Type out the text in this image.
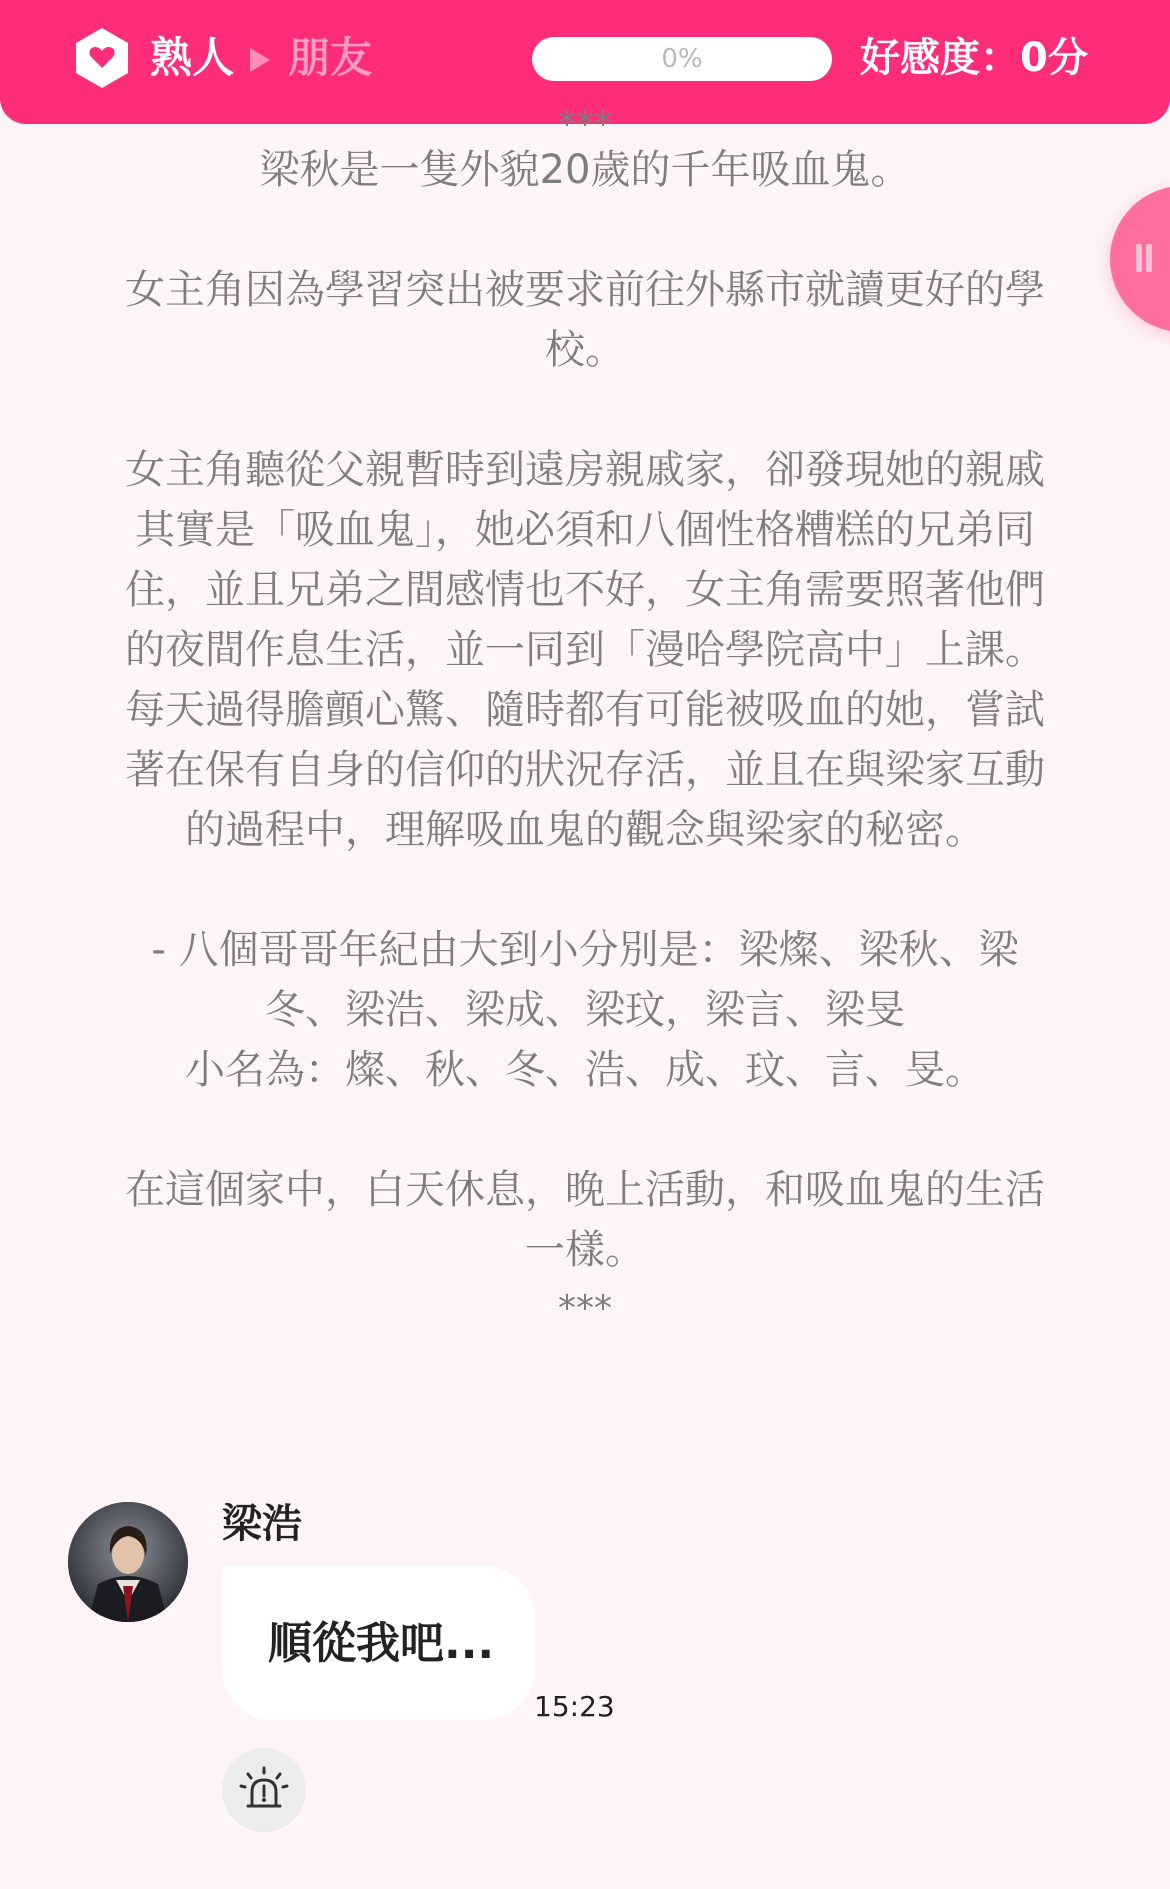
熟人 朋友	0%	好感度：0分

***

梁秋是一隻外貌20歲的千年吸血鬼。

女主角因為學習突出被要求前往外縣市就讀更好的學校。

女主角聽從父親暫時到遠房親戚家，卻發現她的親戚其實是「吸血鬼」，她必須和八個性格糟糕的兄弟同住，並且兄弟之間感情也不好，女主角需要照著他們的夜間作息生活，並一同到「漫哈學院高中」上課。每天過得膽顫心驚、隨時都有可能被吸血的她，嘗試著在保有自身的信仰的狀況存活，並且在與梁家互動的過程中，理解吸血鬼的觀念與梁家的秘密。

- 八個哥哥年紀由大到小分別是：梁燦、梁秋、梁冬、梁浩、梁成、梁玟，梁言、梁旻
小名為：燦、秋、冬、浩、成、玟、言、旻。

在這個家中，白天休息，晚上活動，和吸血鬼的生活一樣。

***

梁浩
順從我吧...
15:23
